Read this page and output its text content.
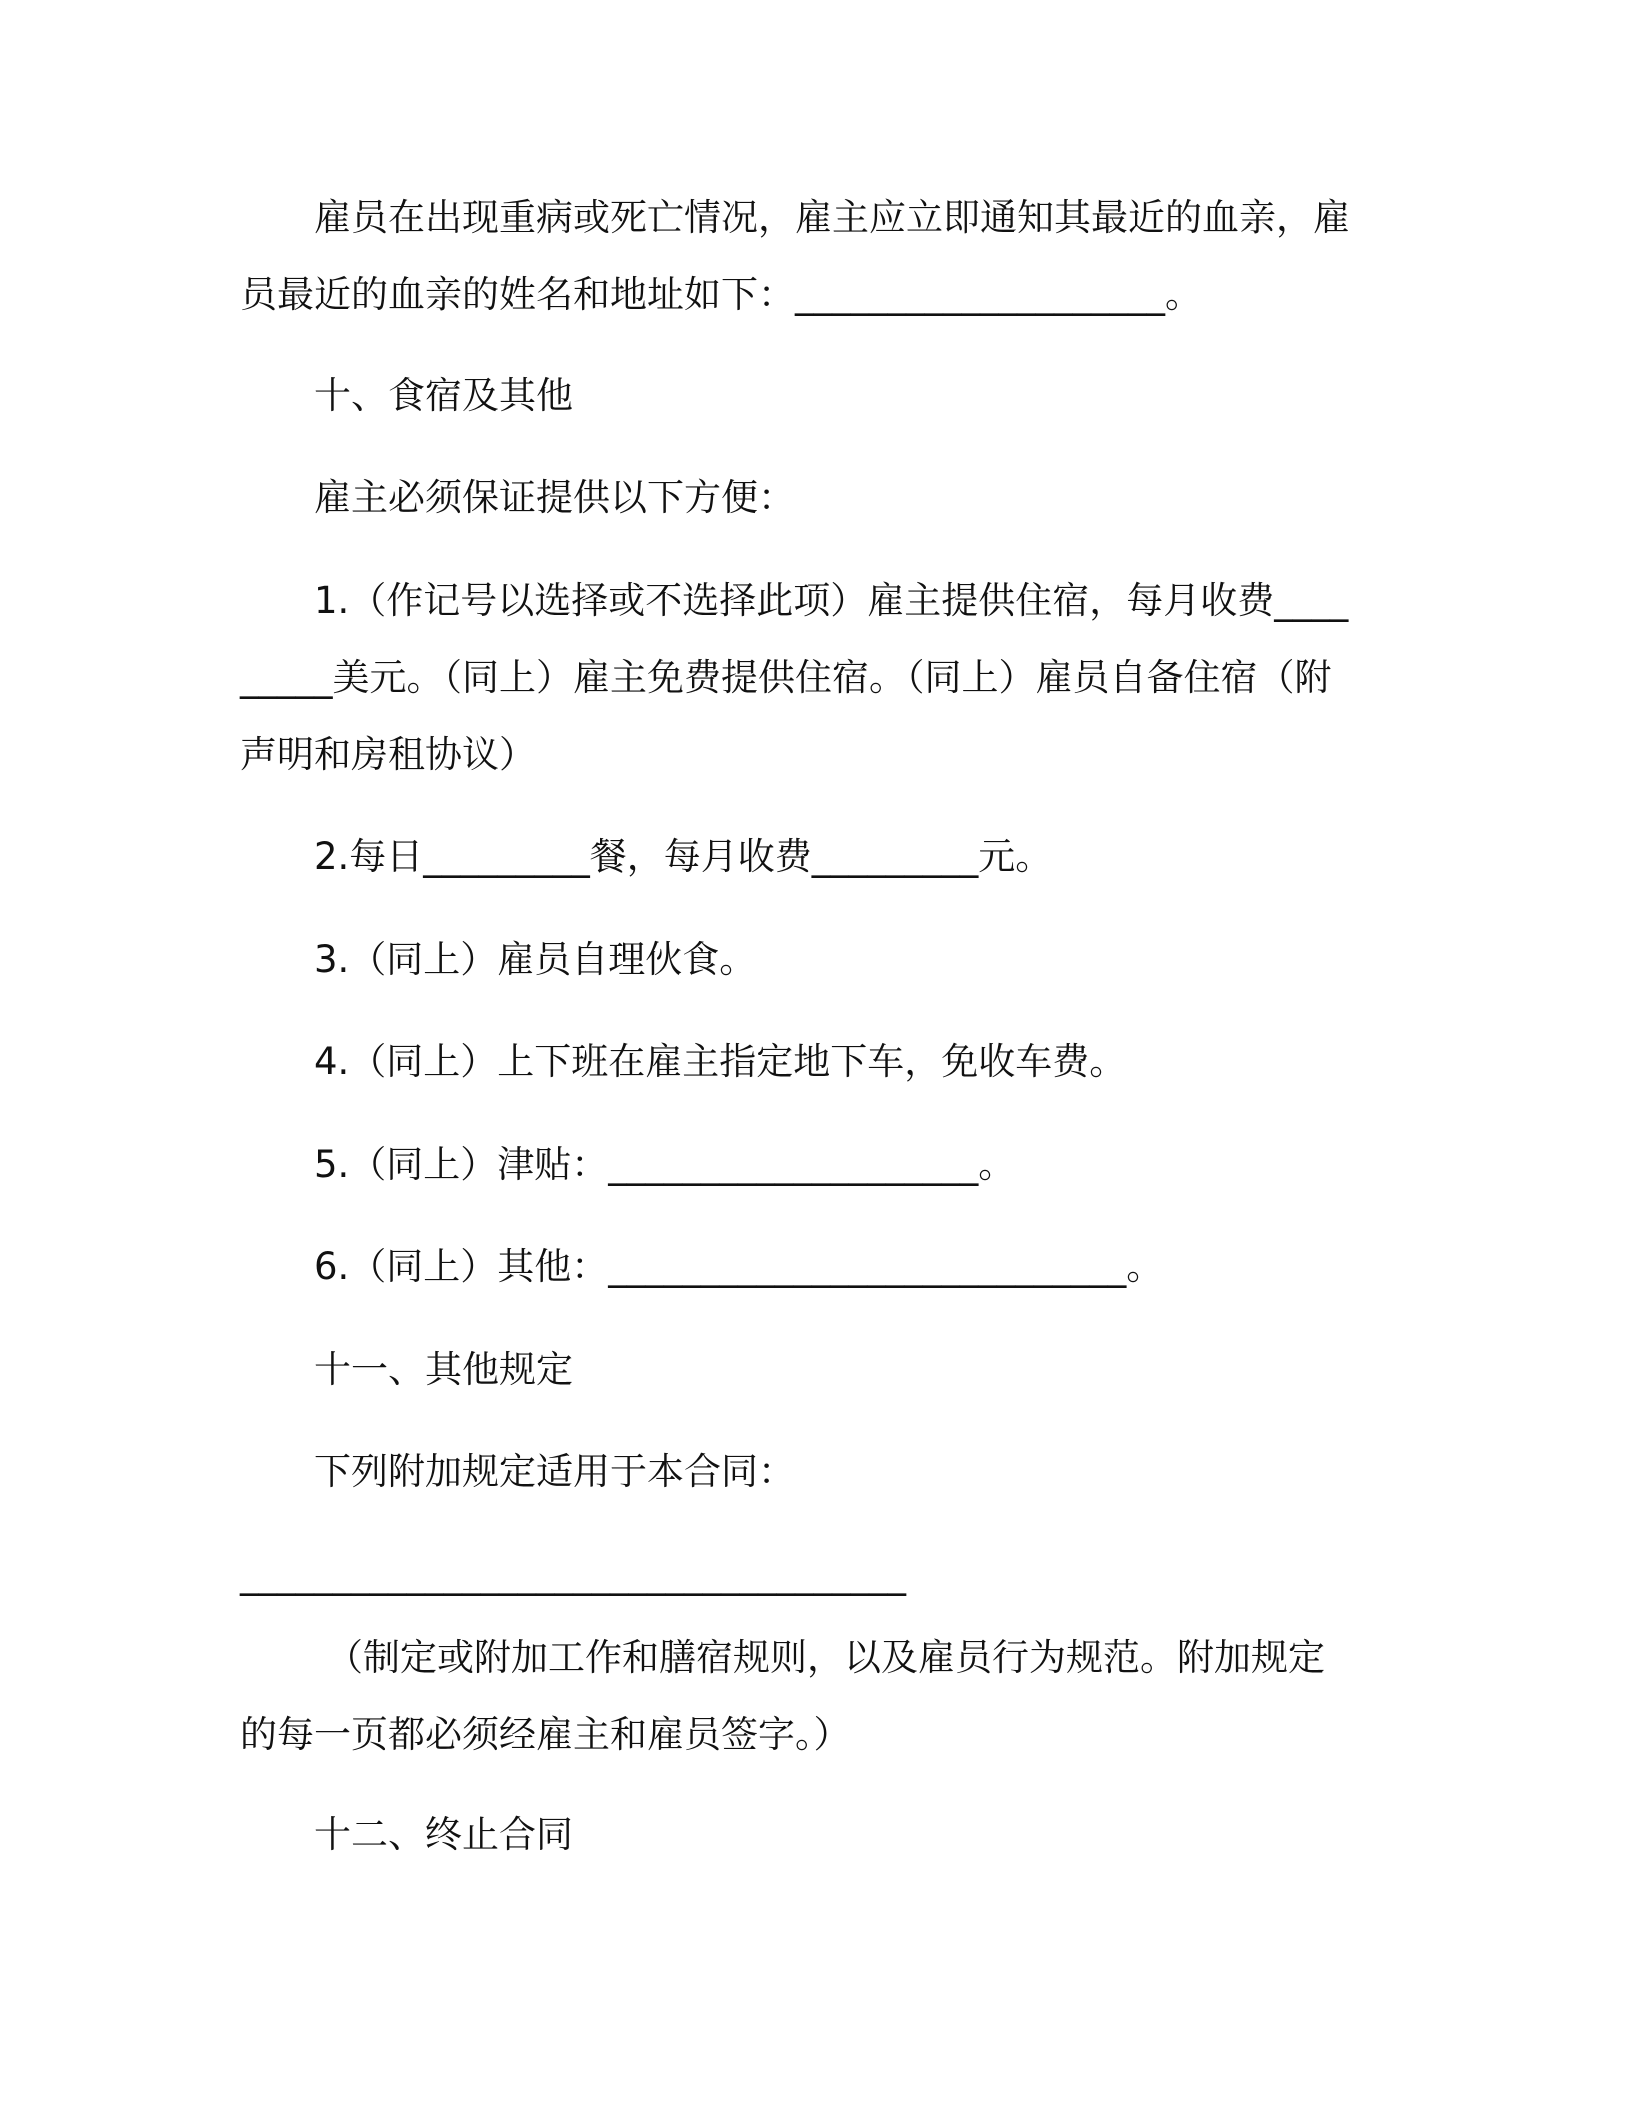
雇员在出现重病或死亡情况，雇主应立即通知其最近的血亲，雇员最近的血亲的姓名和地址如下：____________________。

十、食宿及其他

雇主必须保证提供以下方便：

1.（作记号以选择或不选择此项）雇主提供住宿，每月收费_________美元。（同上）雇主免费提供住宿。（同上）雇员自备住宿（附声明和房租协议）

2.每日_________餐，每月收费_________元。

3.（同上）雇员自理伙食。

4.（同上）上下班在雇主指定地下车，免收车费。

5.（同上）津贴：____________________。

6.（同上）其他：____________________________。

十一、其他规定

下列附加规定适用于本合同：

____________________________________

（制定或附加工作和膳宿规则，以及雇员行为规范。附加规定的每一页都必须经雇主和雇员签字。）

十二、终止合同
